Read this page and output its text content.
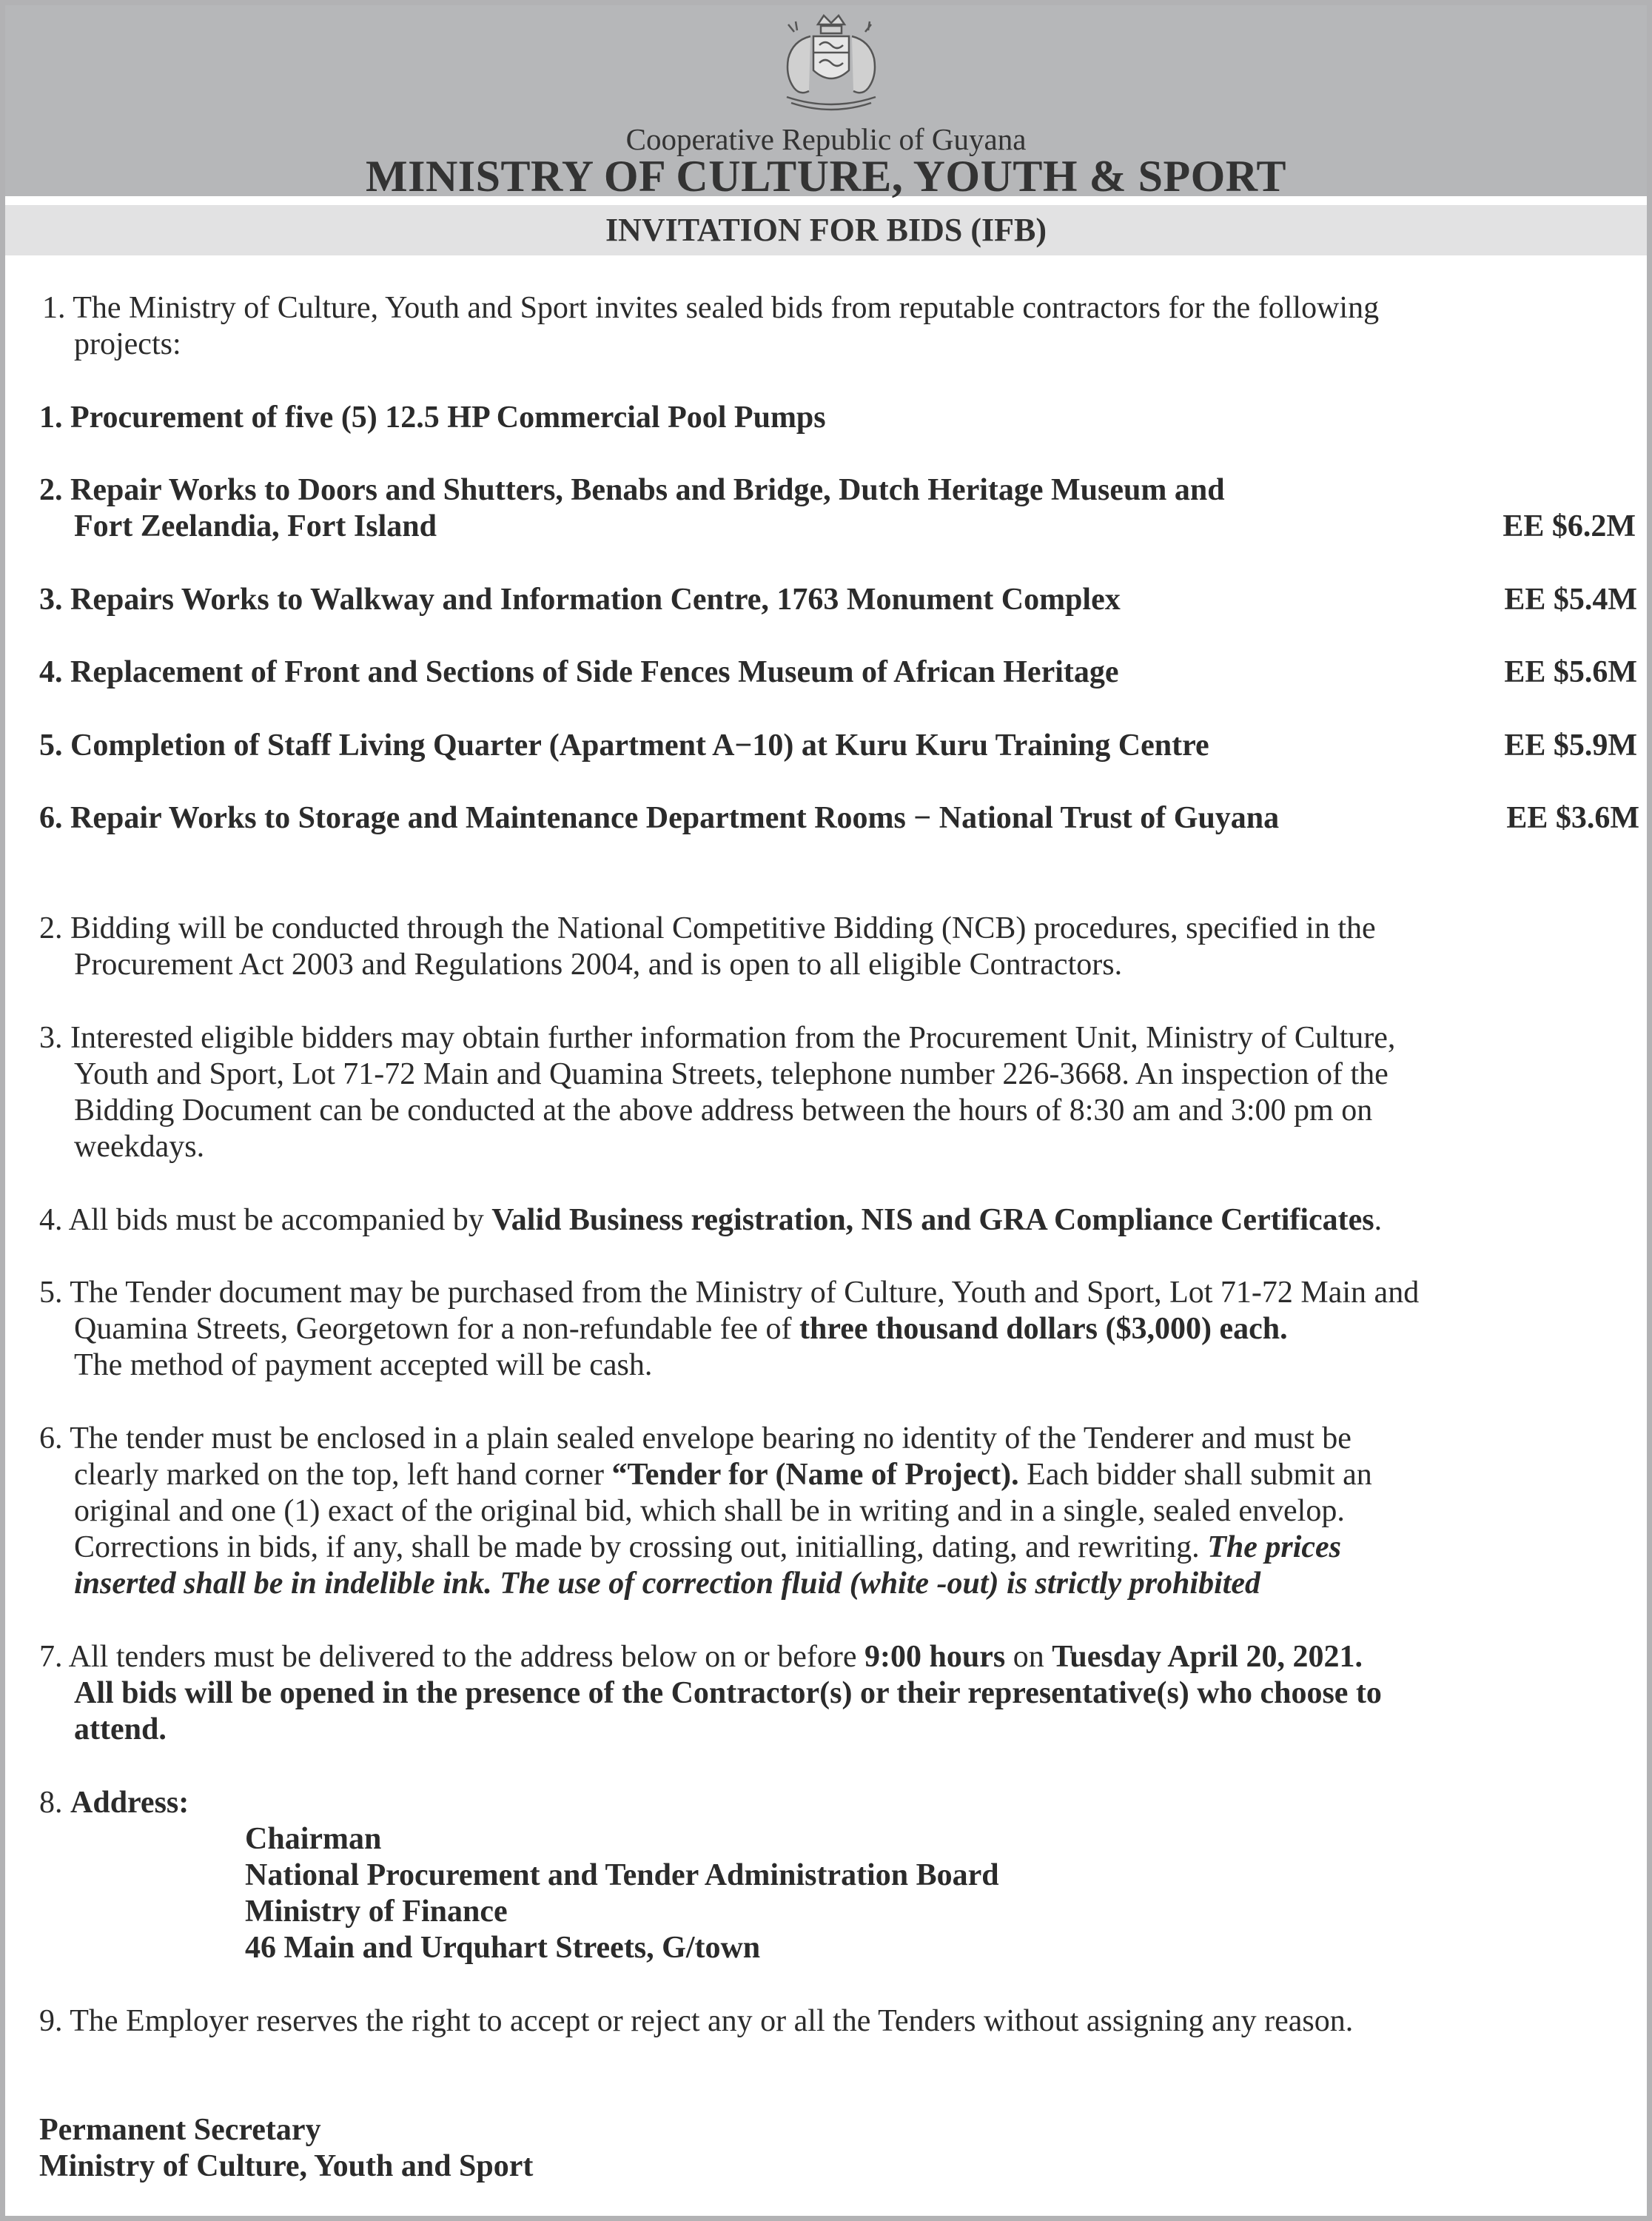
Cooperative Republic of Guyana
MINISTRY OF CULTURE, YOUTH & SPORT
INVITATION FOR BIDS (IFB)
1. The Ministry of Culture, Youth and Sport invites sealed bids from reputable contractors for the following
projects:
1. Procurement of five (5) 12.5 HP Commercial Pool Pumps
2. Repair Works to Doors and Shutters, Benabs and Bridge, Dutch Heritage Museum and
Fort Zeelandia, Fort Island	EE $6.2M
3. Repairs Works to Walkway and Information Centre, 1763 Monument Complex	EE $5.4M
4. Replacement of Front and Sections of Side Fences Museum of African Heritage	EE $5.6M
5. Completion of Staff Living Quarter (Apartment A−10) at Kuru Kuru Training Centre	EE $5.9M
6. Repair Works to Storage and Maintenance Department Rooms − National Trust of Guyana	EE $3.6M
2. Bidding will be conducted through the National Competitive Bidding (NCB) procedures, specified in the
Procurement Act 2003 and Regulations 2004, and is open to all eligible Contractors.
3. Interested eligible bidders may obtain further information from the Procurement Unit, Ministry of Culture,
Youth and Sport, Lot 71-72 Main and Quamina Streets, telephone number 226-3668. An inspection of the
Bidding Document can be conducted at the above address between the hours of 8:30 am and 3:00 pm on
weekdays.
4. All bids must be accompanied by Valid Business registration, NIS and GRA Compliance Certificates.
5. The Tender document may be purchased from the Ministry of Culture, Youth and Sport, Lot 71-72 Main and
Quamina Streets, Georgetown for a non-refundable fee of three thousand dollars ($3,000) each.
The method of payment accepted will be cash.
6. The tender must be enclosed in a plain sealed envelope bearing no identity of the Tenderer and must be
clearly marked on the top, left hand corner “Tender for (Name of Project). Each bidder shall submit an
original and one (1) exact of the original bid, which shall be in writing and in a single, sealed envelop.
Corrections in bids, if any, shall be made by crossing out, initialling, dating, and rewriting. The prices
inserted shall be in indelible ink. The use of correction fluid (white -out) is strictly prohibited
7. All tenders must be delivered to the address below on or before 9:00 hours on Tuesday April 20, 2021.
All bids will be opened in the presence of the Contractor(s) or their representative(s) who choose to
attend.
8. Address:
Chairman
National Procurement and Tender Administration Board
Ministry of Finance
46 Main and Urquhart Streets, G/town
9. The Employer reserves the right to accept or reject any or all the Tenders without assigning any reason.
Permanent Secretary
Ministry of Culture, Youth and Sport
